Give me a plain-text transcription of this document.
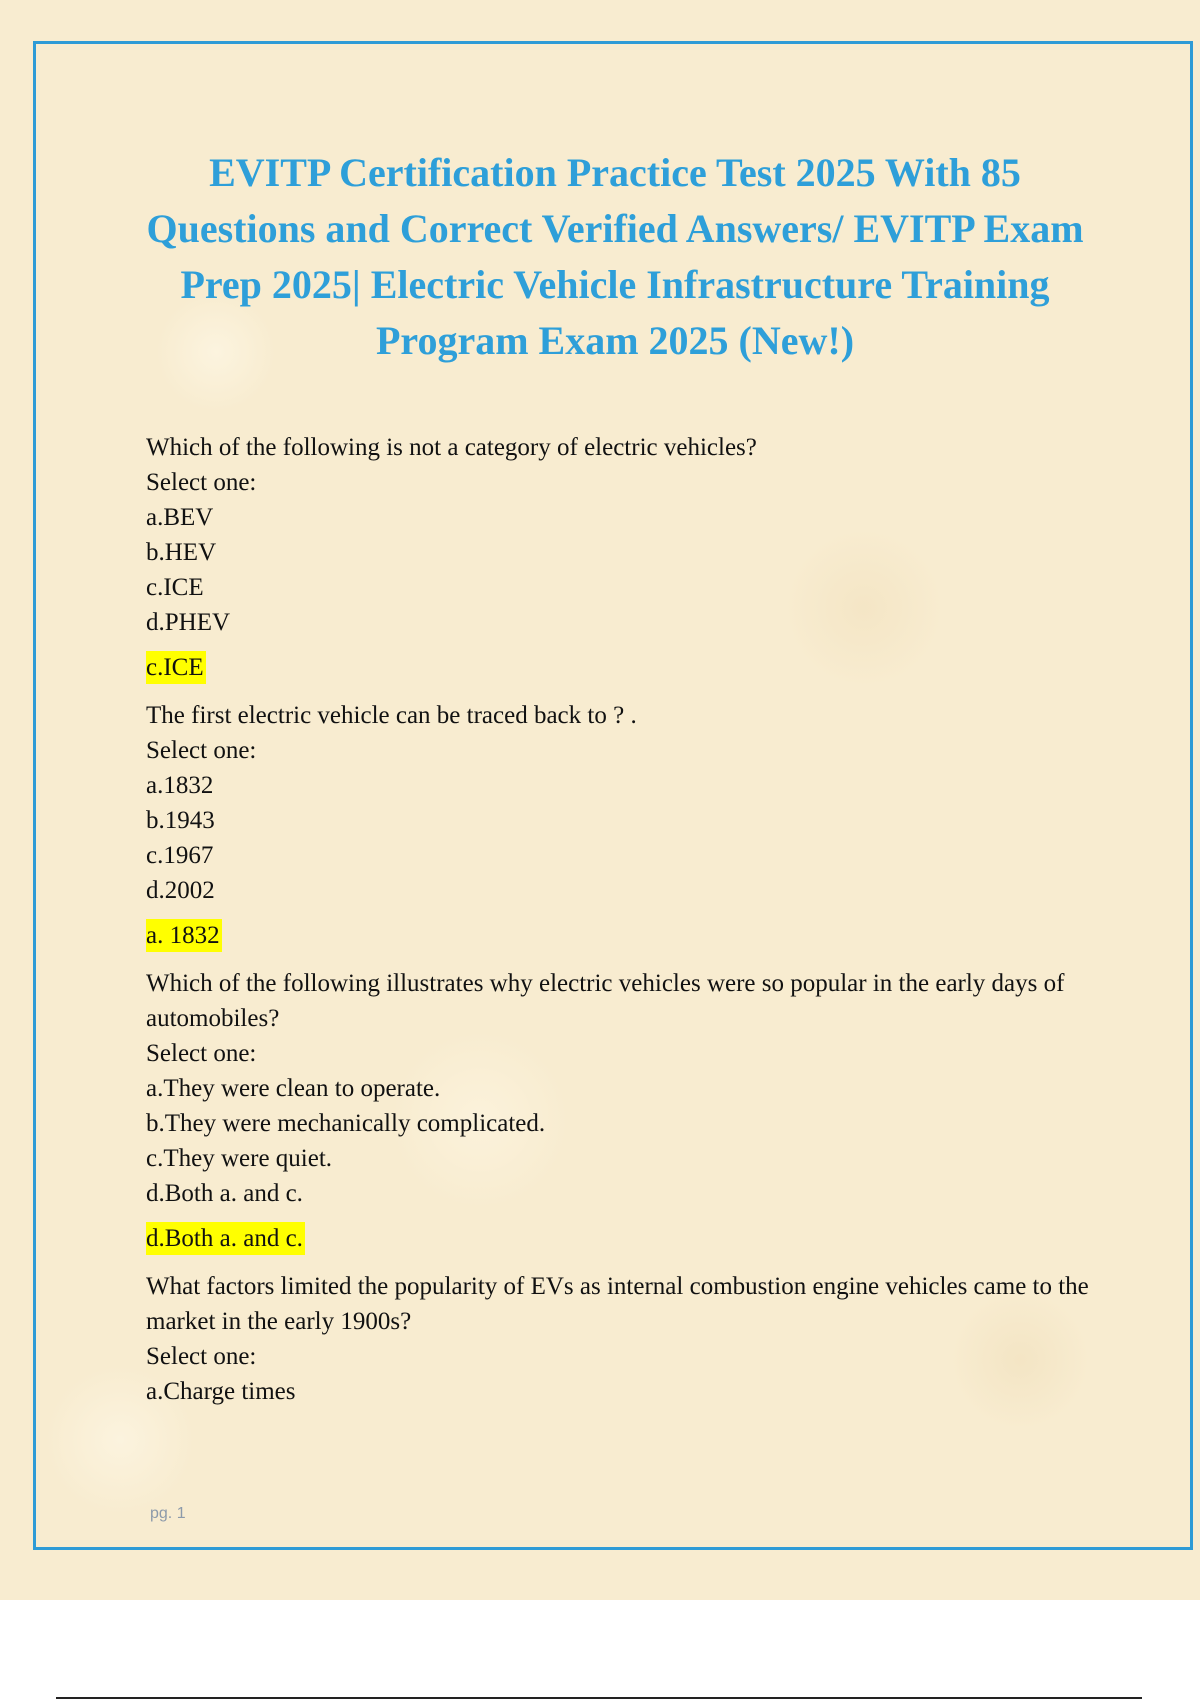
EVITP Certification Practice Test 2025 With 85 Questions and Correct Verified Answers/ EVITP Exam Prep 2025| Electric Vehicle Infrastructure Training Program Exam 2025 (New!)
Which of the following is not a category of electric vehicles?
Select one:
a.BEV
b.HEV
c.ICE
d.PHEV
c.ICE
The first electric vehicle can be traced back to ? .
Select one:
a.1832
b.1943
c.1967
d.2002
a. 1832
Which of the following illustrates why electric vehicles were so popular in the early days of automobiles?
Select one:
a.They were clean to operate.
b.They were mechanically complicated.
c.They were quiet.
d.Both a. and c.
d.Both a. and c.
What factors limited the popularity of EVs as internal combustion engine vehicles came to the market in the early 1900s?
Select one:
a.Charge times
pg. 1
